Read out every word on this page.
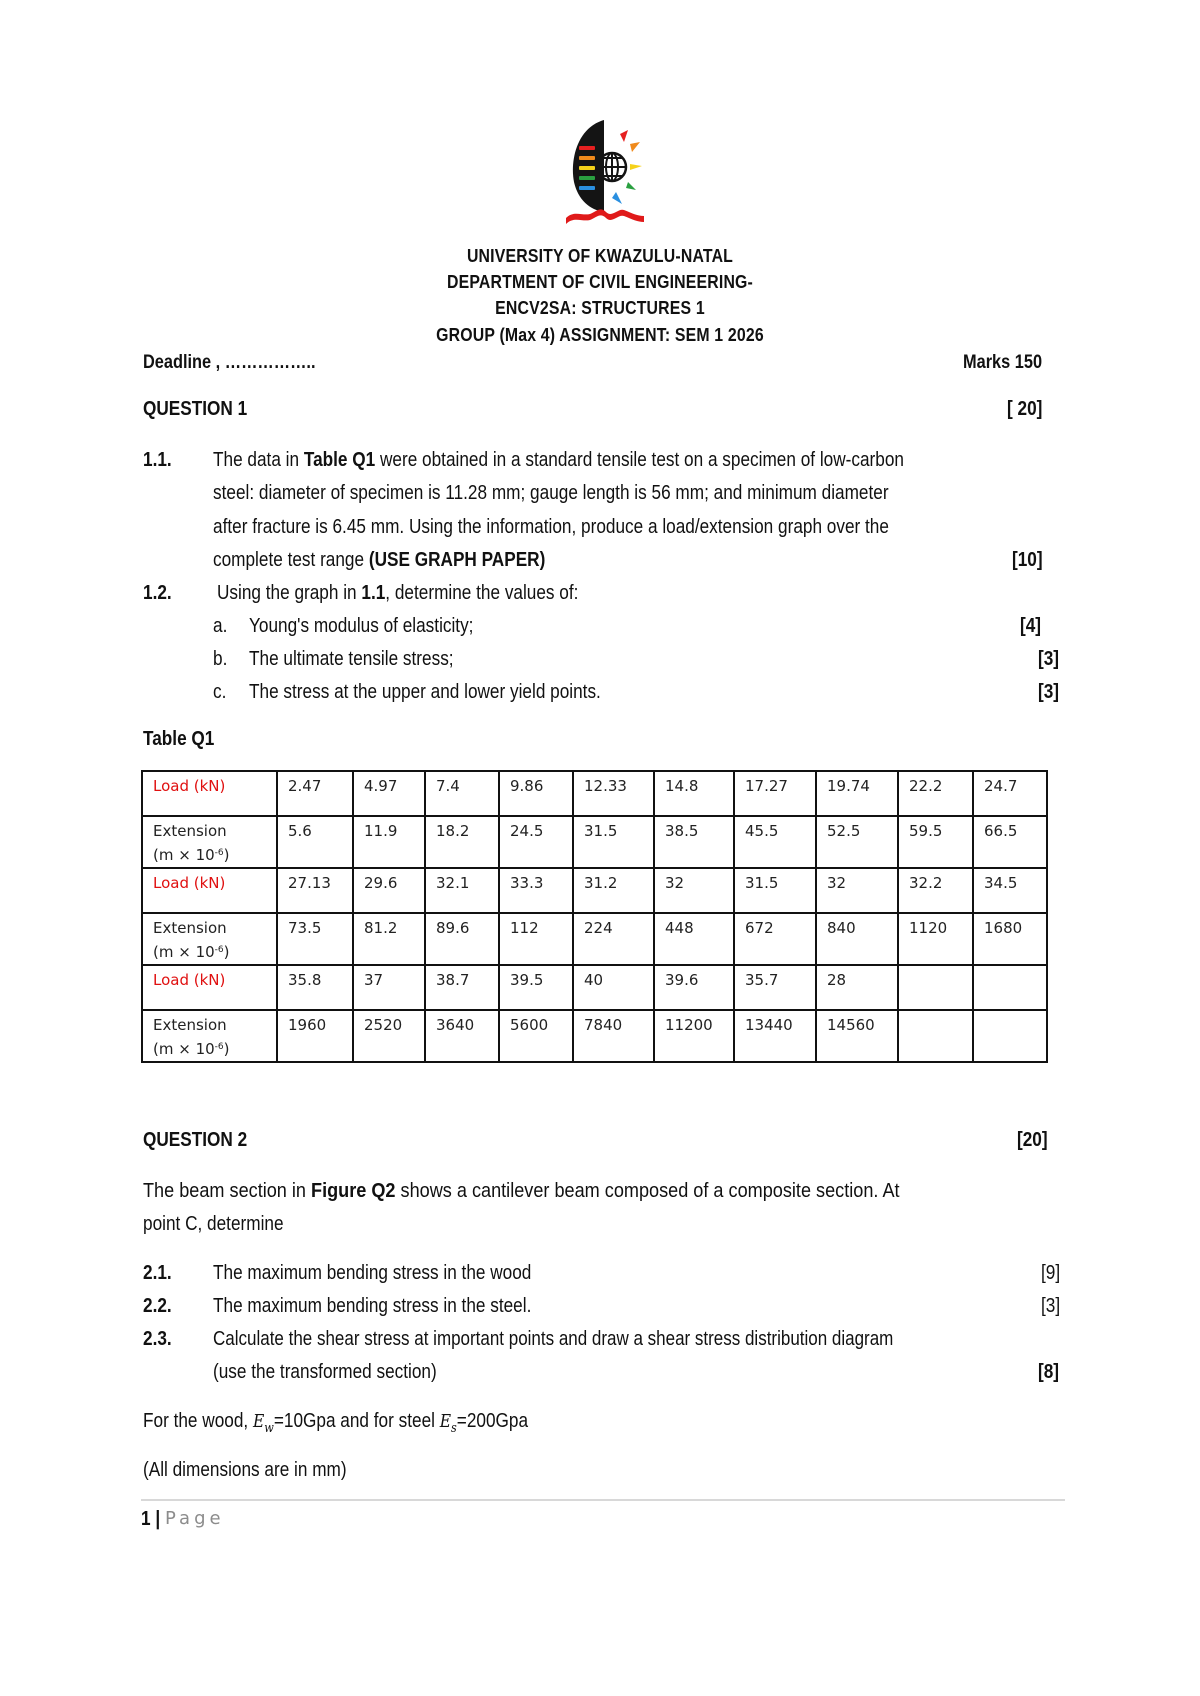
UNIVERSITY OF KWAZULU-NATAL
DEPARTMENT OF CIVIL ENGINEERING-
ENCV2SA: STRUCTURES 1
GROUP (Max 4) ASSIGNMENT: SEM 1 2026
Deadline , ……………..	Marks 150
QUESTION 1	[ 20]
1.1. The data in Table Q1 were obtained in a standard tensile test on a specimen of low-carbon
steel: diameter of specimen is 11.28 mm; gauge length is 56 mm; and minimum diameter
after fracture is 6.45 mm. Using the information, produce a load/extension graph over the
complete test range (USE GRAPH PAPER)	[10]
1.2. Using the graph in 1.1, determine the values of:
a. Young's modulus of elasticity;	[4]
b. The ultimate tensile stress;	[3]
c. The stress at the upper and lower yield points.	[3]
Table Q1
Load (kN)	2.47	4.97	7.4	9.86	12.33	14.8	17.27	19.74	22.2	24.7
Extension
$(m \times 10^{-6})$	5.6	11.9	18.2	24.5	31.5	38.5	45.5	52.5	59.5	66.5
Load (kN)	27.13	29.6	32.1	33.3	31.2	32	31.5	32	32.2	34.5
Extension
$(m \times 10^{-6})$	73.5	81.2	89.6	112	224	448	672	840	1120	1680
Load (kN)	35.8	37	38.7	39.5	40	39.6	35.7	28		
Extension
$(m \times 10^{-6})$	1960	2520	3640	5600	7840	11200	13440	14560		
QUESTION 2	[20]
The beam section in Figure Q2 shows a cantilever beam composed of a composite section. At
point C, determine
2.1. The maximum bending stress in the wood	[9]
2.2. The maximum bending stress in the steel.	[3]
2.3. Calculate the shear stress at important points and draw a shear stress distribution diagram
(use the transformed section)	[8]
For the wood, $E_w=10Gpa$ and for steel $E_s=200Gpa$
(All dimensions are in mm)
1 | Page
